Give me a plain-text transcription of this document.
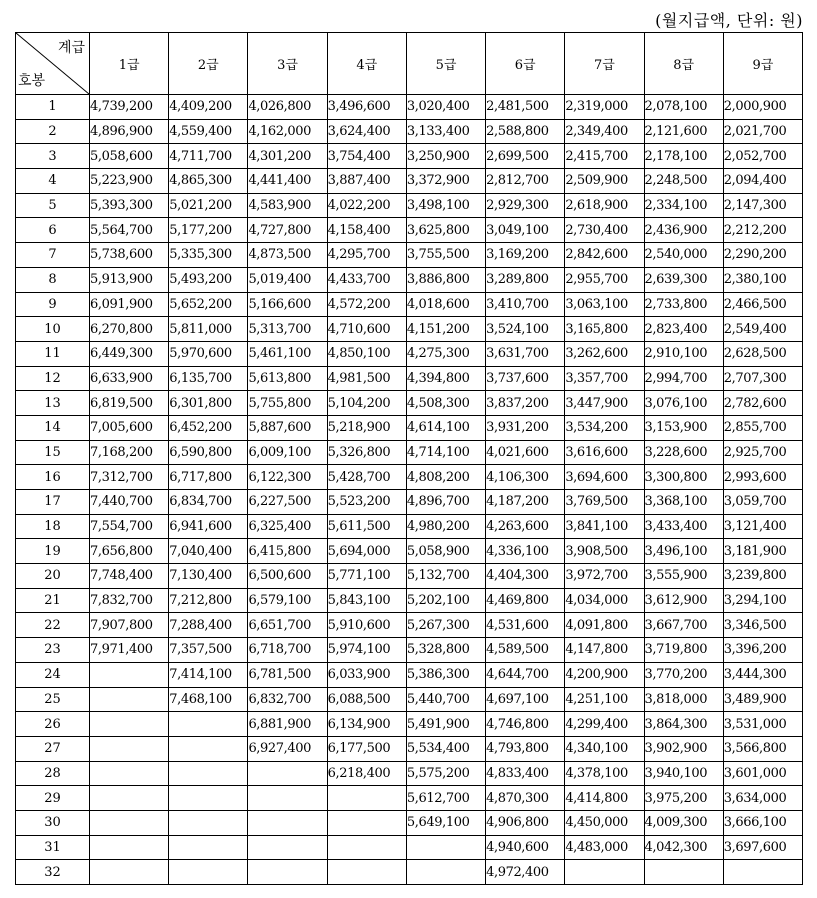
(월지급액, 단위: 원)
계급
호봉	1급	2급	3급	4급	5급	6급	7급	8급	9급
1	4,739,200	4,409,200	4,026,800	3,496,600	3,020,400	2,481,500	2,319,000	2,078,100	2,000,900
2	4,896,900	4,559,400	4,162,000	3,624,400	3,133,400	2,588,800	2,349,400	2,121,600	2,021,700
3	5,058,600	4,711,700	4,301,200	3,754,400	3,250,900	2,699,500	2,415,700	2,178,100	2,052,700
4	5,223,900	4,865,300	4,441,400	3,887,400	3,372,900	2,812,700	2,509,900	2,248,500	2,094,400
5	5,393,300	5,021,200	4,583,900	4,022,200	3,498,100	2,929,300	2,618,900	2,334,100	2,147,300
6	5,564,700	5,177,200	4,727,800	4,158,400	3,625,800	3,049,100	2,730,400	2,436,900	2,212,200
7	5,738,600	5,335,300	4,873,500	4,295,700	3,755,500	3,169,200	2,842,600	2,540,000	2,290,200
8	5,913,900	5,493,200	5,019,400	4,433,700	3,886,800	3,289,800	2,955,700	2,639,300	2,380,100
9	6,091,900	5,652,200	5,166,600	4,572,200	4,018,600	3,410,700	3,063,100	2,733,800	2,466,500
10	6,270,800	5,811,000	5,313,700	4,710,600	4,151,200	3,524,100	3,165,800	2,823,400	2,549,400
11	6,449,300	5,970,600	5,461,100	4,850,100	4,275,300	3,631,700	3,262,600	2,910,100	2,628,500
12	6,633,900	6,135,700	5,613,800	4,981,500	4,394,800	3,737,600	3,357,700	2,994,700	2,707,300
13	6,819,500	6,301,800	5,755,800	5,104,200	4,508,300	3,837,200	3,447,900	3,076,100	2,782,600
14	7,005,600	6,452,200	5,887,600	5,218,900	4,614,100	3,931,200	3,534,200	3,153,900	2,855,700
15	7,168,200	6,590,800	6,009,100	5,326,800	4,714,100	4,021,600	3,616,600	3,228,600	2,925,700
16	7,312,700	6,717,800	6,122,300	5,428,700	4,808,200	4,106,300	3,694,600	3,300,800	2,993,600
17	7,440,700	6,834,700	6,227,500	5,523,200	4,896,700	4,187,200	3,769,500	3,368,100	3,059,700
18	7,554,700	6,941,600	6,325,400	5,611,500	4,980,200	4,263,600	3,841,100	3,433,400	3,121,400
19	7,656,800	7,040,400	6,415,800	5,694,000	5,058,900	4,336,100	3,908,500	3,496,100	3,181,900
20	7,748,400	7,130,400	6,500,600	5,771,100	5,132,700	4,404,300	3,972,700	3,555,900	3,239,800
21	7,832,700	7,212,800	6,579,100	5,843,100	5,202,100	4,469,800	4,034,000	3,612,900	3,294,100
22	7,907,800	7,288,400	6,651,700	5,910,600	5,267,300	4,531,600	4,091,800	3,667,700	3,346,500
23	7,971,400	7,357,500	6,718,700	5,974,100	5,328,800	4,589,500	4,147,800	3,719,800	3,396,200
24		7,414,100	6,781,500	6,033,900	5,386,300	4,644,700	4,200,900	3,770,200	3,444,300
25		7,468,100	6,832,700	6,088,500	5,440,700	4,697,100	4,251,100	3,818,000	3,489,900
26			6,881,900	6,134,900	5,491,900	4,746,800	4,299,400	3,864,300	3,531,000
27			6,927,400	6,177,500	5,534,400	4,793,800	4,340,100	3,902,900	3,566,800
28				6,218,400	5,575,200	4,833,400	4,378,100	3,940,100	3,601,000
29					5,612,700	4,870,300	4,414,800	3,975,200	3,634,000
30					5,649,100	4,906,800	4,450,000	4,009,300	3,666,100
31						4,940,600	4,483,000	4,042,300	3,697,600
32						4,972,400			
